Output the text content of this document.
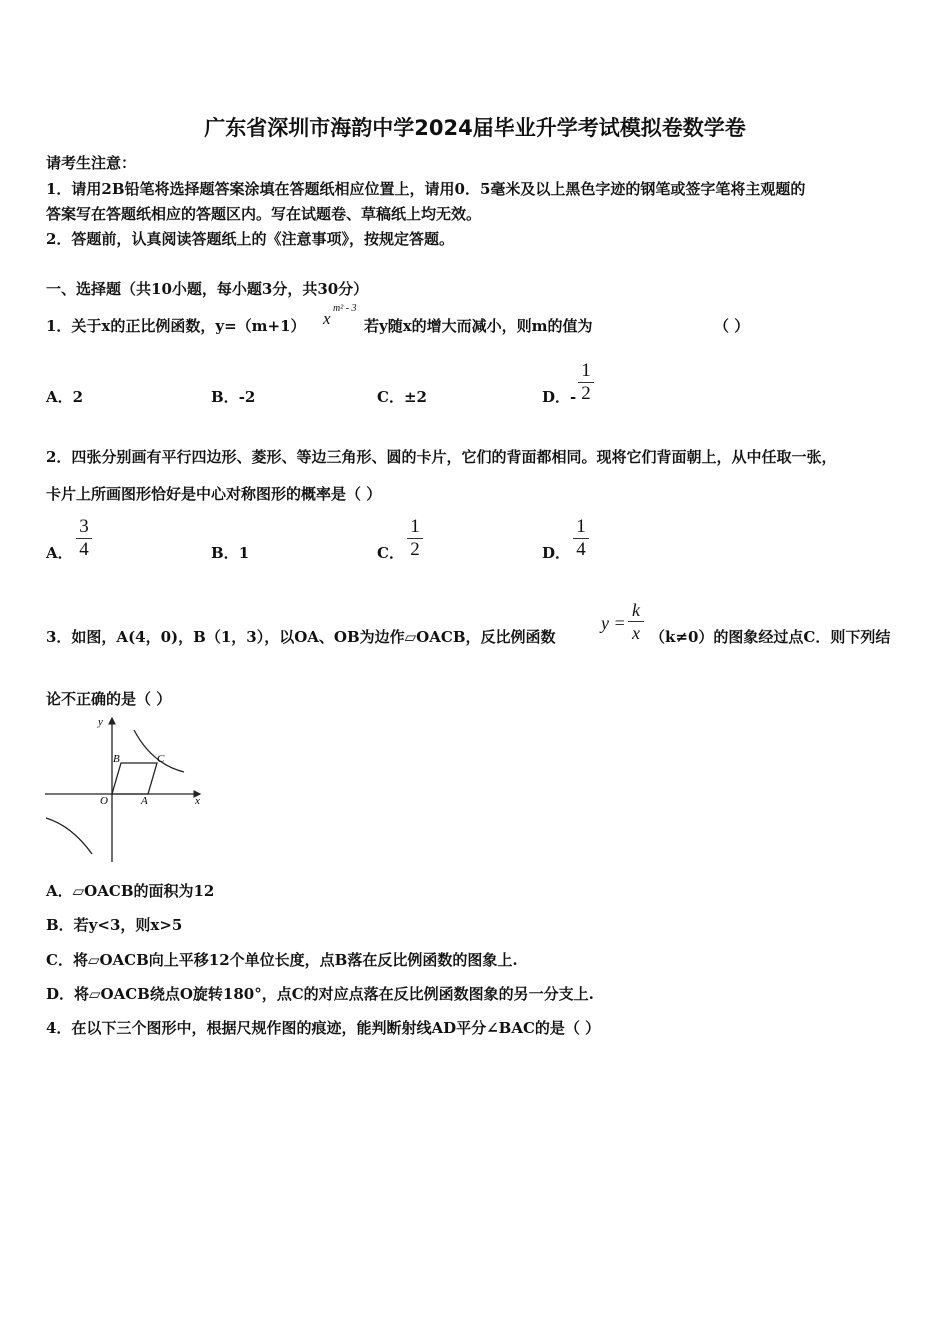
广东省深圳市海韵中学2024届毕业升学考试模拟卷数学卷
请考生注意：
1．请用2B铅笔将选择题答案涂填在答题纸相应位置上，请用0．5毫米及以上黑色字迹的钢笔或签字笔将主观题的
答案写在答题纸相应的答题区内。写在试题卷、草稿纸上均无效。
2．答题前，认真阅读答题纸上的《注意事项》，按规定答题。
一、选择题（共10小题，每小题3分，共30分）
1．关于x的正比例函数，y=（m+1） x
m² - 3
若y随x的增大而减小，则m的值为	（ ）
A．2	B．-2	C．±2	D．-
1
2
2．四张分别画有平行四边形、菱形、等边三角形、圆的卡片，它们的背面都相同。现将它们背面朝上，从中任取一张，
卡片上所画图形恰好是中心对称图形的概率是（ ）
A．
3
4	B．1	C．
1
2	D．
1
4
3．如图，A(4，0)，B（1，3），以OA、OB为边作▱OACB，反比例函数
y =
k
x （k≠0）的图象经过点C．则下列结
论不正确的是（ ）
y
x
O	A
B	C
A．▱OACB的面积为12
B．若y<3，则x>5
C．将▱OACB向上平移12个单位长度，点B落在反比例函数的图象上.
D．将▱OACB绕点O旋转180°，点C的对应点落在反比例函数图象的另一分支上.
4．在以下三个图形中，根据尺规作图的痕迹，能判断射线AD平分∠BAC的是（ ）
